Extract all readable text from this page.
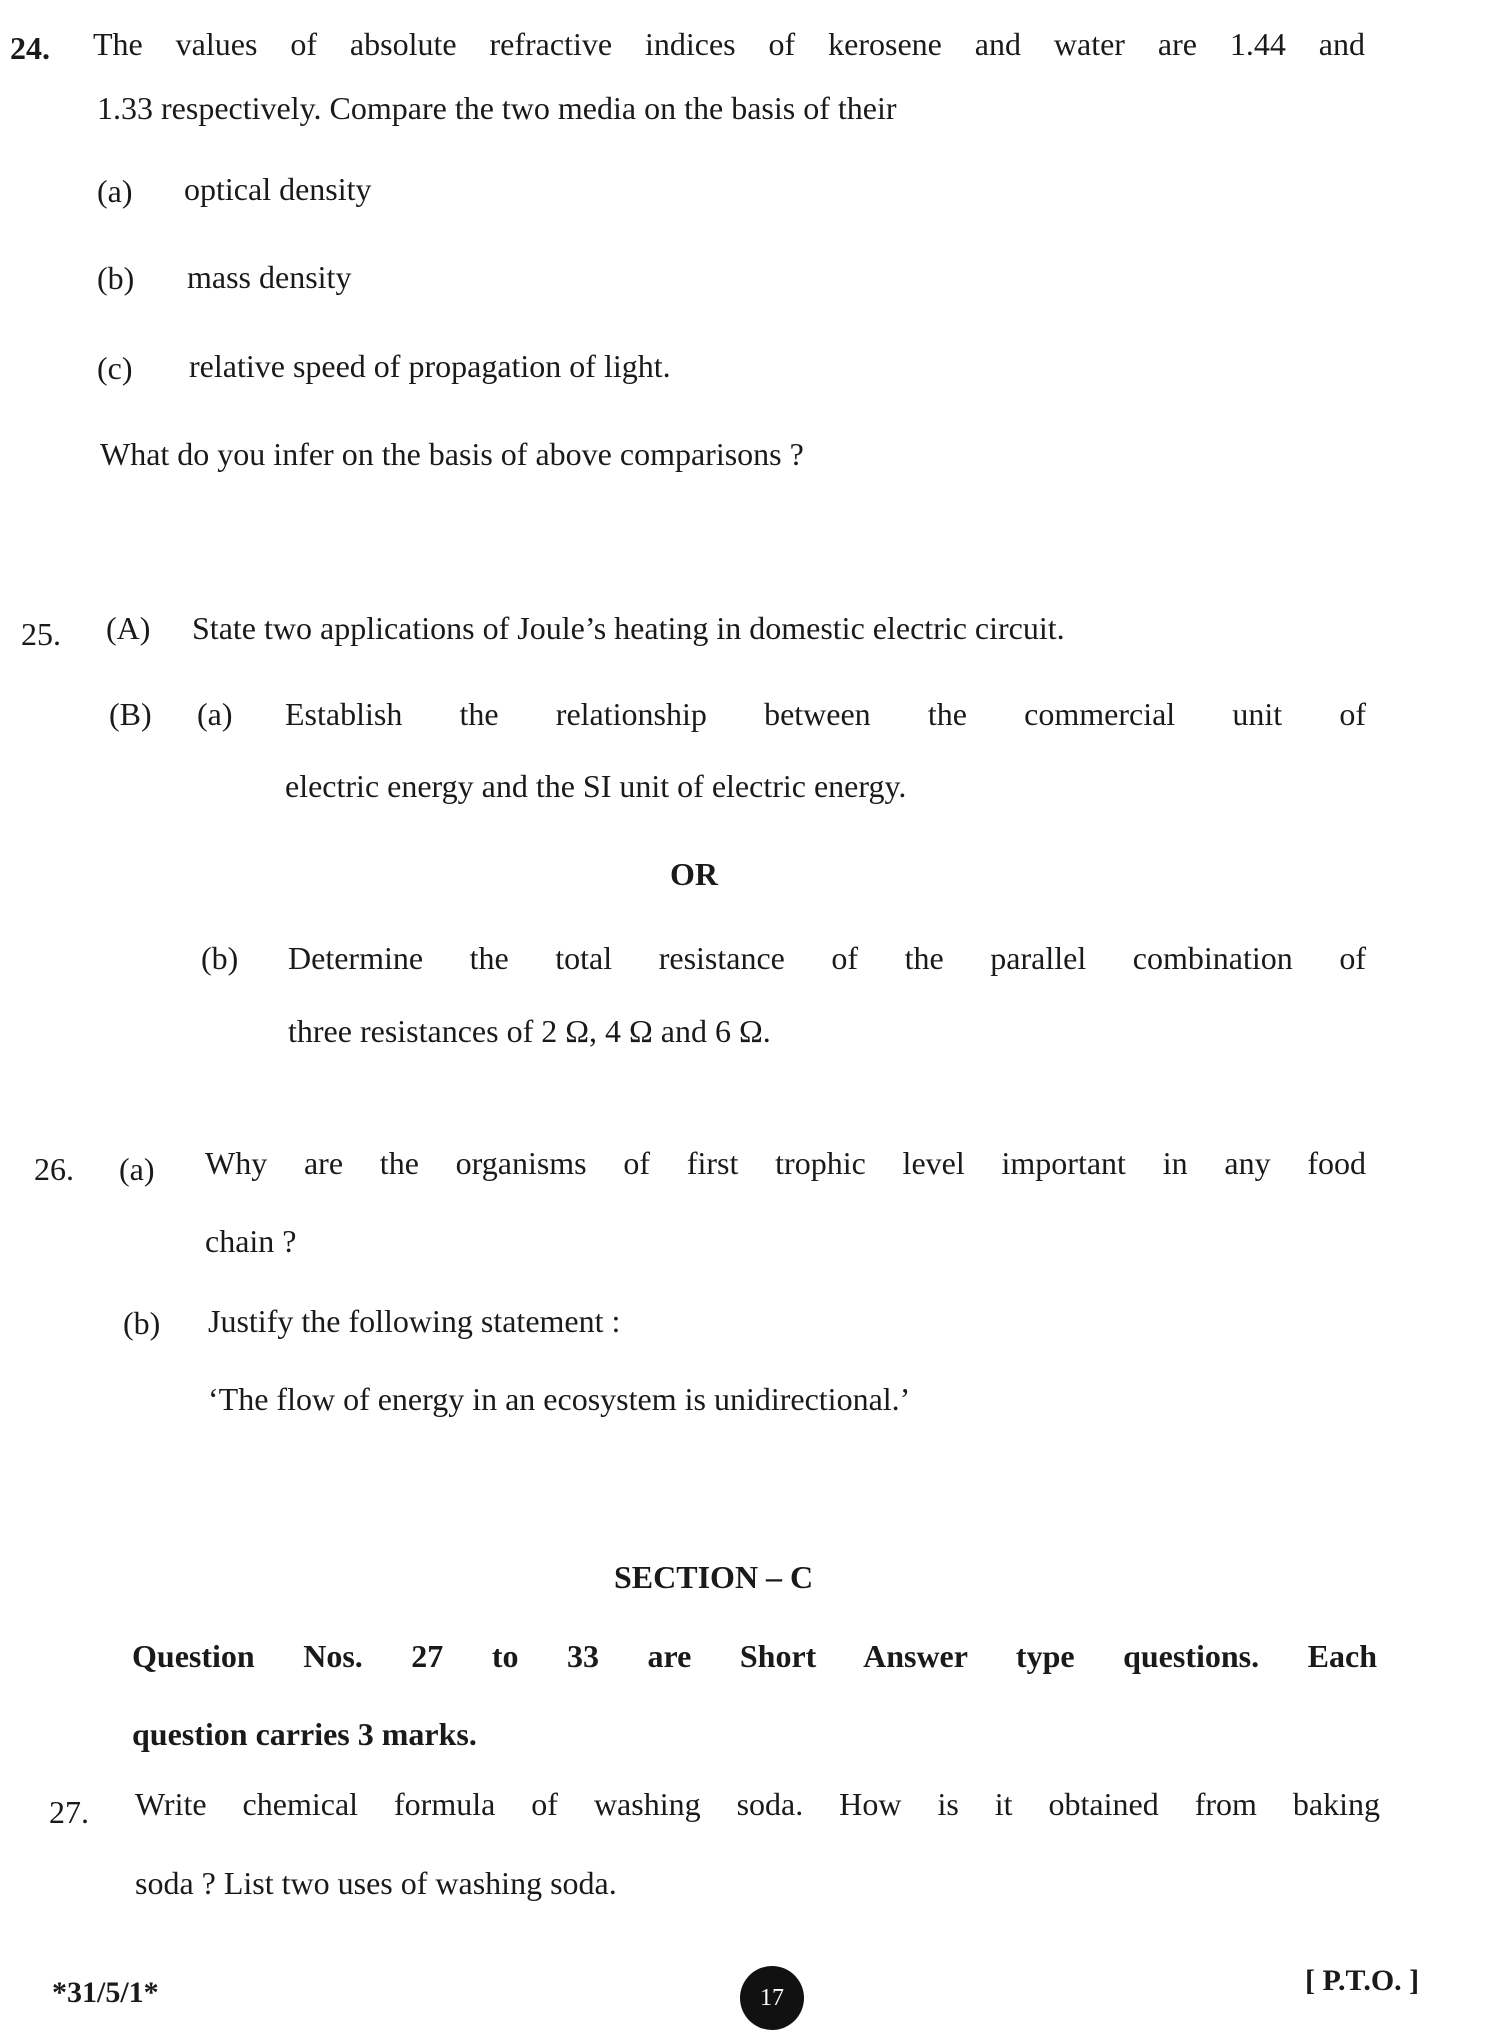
24. The values of absolute refractive indices of kerosene and water are 1.44 and
1.33 respectively. Compare the two media on the basis of their
(a) optical density
(b) mass density
(c) relative speed of propagation of light.
What do you infer on the basis of above comparisons ?
25. (A) State two applications of Joule’s heating in domestic electric circuit.
(B) (a) Establish the relationship between the commercial unit of
electric energy and the SI unit of electric energy.
OR
(b) Determine the total resistance of the parallel combination of
three resistances of 2 Ω, 4 Ω and 6 Ω.
26. (a) Why are the organisms of first trophic level important in any food
chain ?
(b) Justify the following statement :
‘The flow of energy in an ecosystem is unidirectional.’
SECTION – C
Question Nos. 27 to 33 are Short Answer type questions. Each
question carries 3 marks.
27. Write chemical formula of washing soda. How is it obtained from baking
soda ? List two uses of washing soda.
*31/5/1*	17
[ P.T.O. ]
